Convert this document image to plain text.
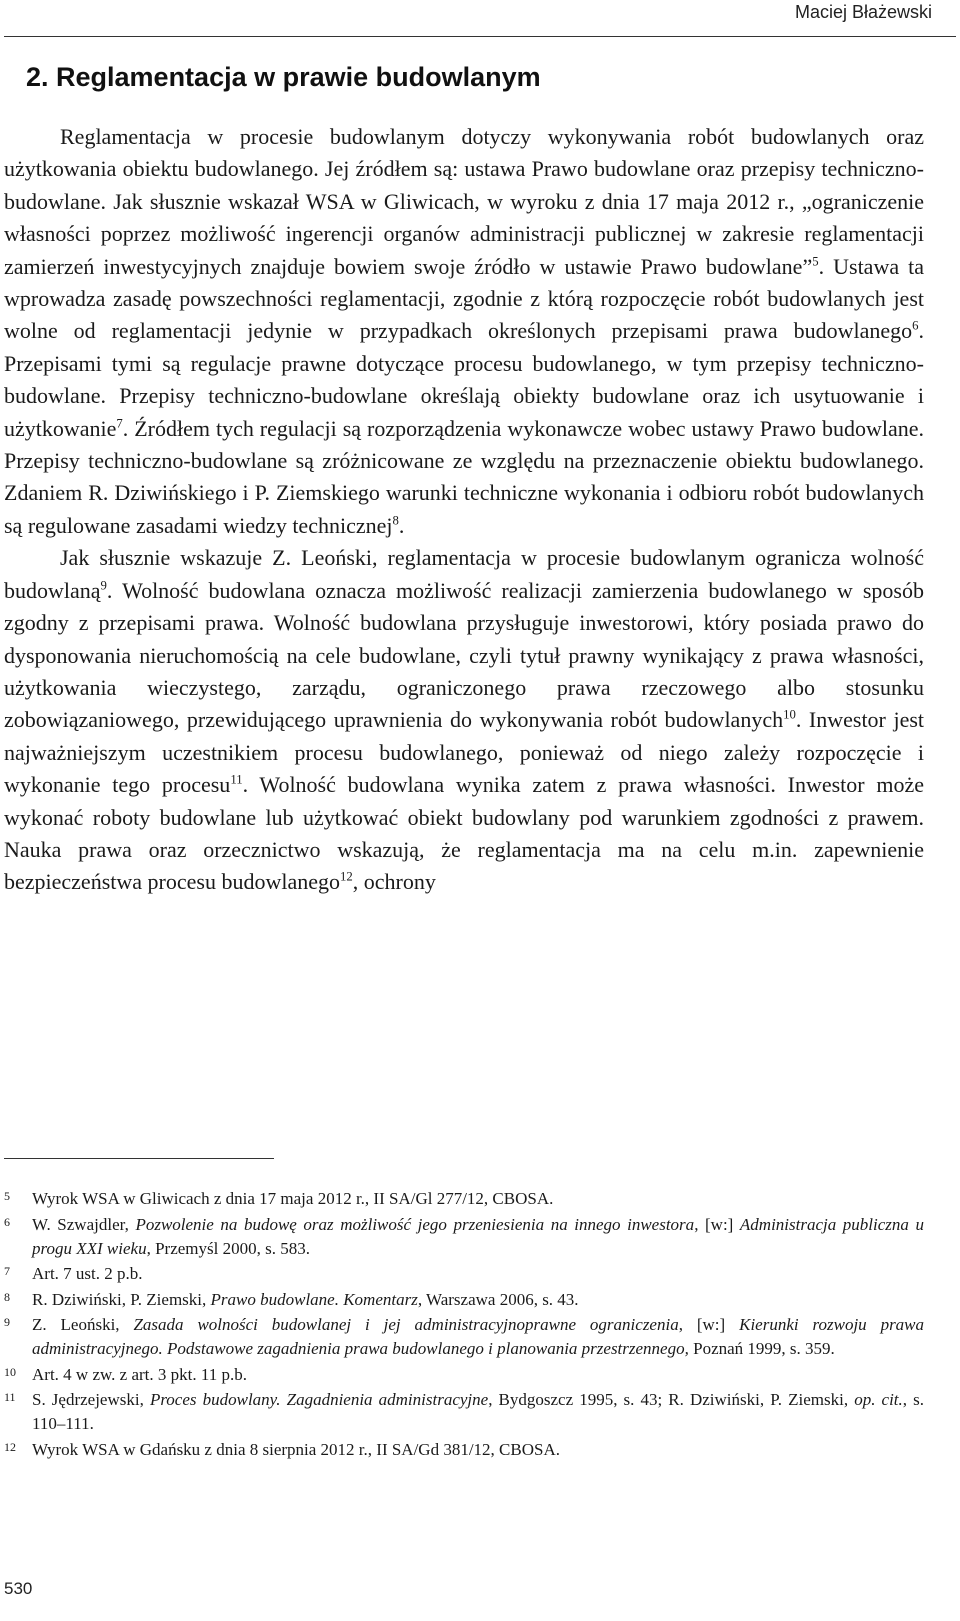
Maciej Błażewski
2. Reglamentacja w prawie budowlanym

Reglamentacja w procesie budowlanym dotyczy wykonywania robót budowlanych oraz użytkowania obiektu budowlanego. Jej źródłem są: ustawa Prawo budowlane oraz przepisy techniczno-budowlane. Jak słusznie wskazał WSA w Gliwicach, w wyroku z dnia 17 maja 2012 r., „ograniczenie własności poprzez możliwość ingerencji organów administracji publicznej w zakresie reglamentacji zamierzeń inwestycyjnych znajduje bowiem swoje źródło w ustawie Prawo budowlane”$^5$. Ustawa ta wprowadza zasadę powszechności reglamentacji, zgodnie z którą rozpoczęcie robót budowlanych jest wolne od reglamentacji jedynie w przypadkach określonych przepisami prawa budowlanego$^6$. Przepisami tymi są regulacje prawne dotyczące procesu budowlanego, w tym przepisy techniczno-budowlane. Przepisy techniczno-budowlane określają obiekty budowlane oraz ich usytuowanie i użytkowanie$^7$. Źródłem tych regulacji są rozporządzenia wykonawcze wobec ustawy Prawo budowlane. Przepisy techniczno-budowlane są zróżnicowane ze względu na przeznaczenie obiektu budowlanego. Zdaniem R. Dziwińskiego i P. Ziemskiego warunki techniczne wykonania i odbioru robót budowlanych są regulowane zasadami wiedzy technicznej$^8$.

Jak słusznie wskazuje Z. Leoński, reglamentacja w procesie budowlanym ogranicza wolność budowlaną$^9$. Wolność budowlana oznacza możliwość realizacji zamierzenia budowlanego w sposób zgodny z przepisami prawa. Wolność budowlana przysługuje inwestorowi, który posiada prawo do dysponowania nieruchomością na cele budowlane, czyli tytuł prawny wynikający z prawa własności, użytkowania wieczystego, zarządu, ograniczonego prawa rzeczowego albo stosunku zobowiązaniowego, przewidującego uprawnienia do wykonywania robót budowlanych$^{10}$. Inwestor jest najważniejszym uczestnikiem procesu budowlanego, ponieważ od niego zależy rozpoczęcie i wykonanie tego procesu$^{11}$. Wolność budowlana wynika zatem z prawa własności. Inwestor może wykonać roboty budowlane lub użytkować obiekt budowlany pod warunkiem zgodności z prawem. Nauka prawa oraz orzecznictwo wskazują, że reglamentacja ma na celu m.in. zapewnienie bezpieczeństwa procesu budowlanego$^{12}$, ochrony

5 Wyrok WSA w Gliwicach z dnia 17 maja 2012 r., II SA/Gl 277/12, CBOSA.
6 W. Szwajdler, Pozwolenie na budowę oraz możliwość jego przeniesienia na innego inwestora, [w:] Administracja publiczna u progu XXI wieku, Przemyśl 2000, s. 583.
7 Art. 7 ust. 2 p.b.
8 R. Dziwiński, P. Ziemski, Prawo budowlane. Komentarz, Warszawa 2006, s. 43.
9 Z. Leoński, Zasada wolności budowlanej i jej administracyjnoprawne ograniczenia, [w:] Kierunki rozwoju prawa administracyjnego. Podstawowe zagadnienia prawa budowlanego i planowania przestrzennego, Poznań 1999, s. 359.
10 Art. 4 w zw. z art. 3 pkt. 11 p.b.
11 S. Jędrzejewski, Proces budowlany. Zagadnienia administracyjne, Bydgoszcz 1995, s. 43; R. Dziwiński, P. Ziemski, op. cit., s. 110–111.
12 Wyrok WSA w Gdańsku z dnia 8 sierpnia 2012 r., II SA/Gd 381/12, CBOSA.
530
